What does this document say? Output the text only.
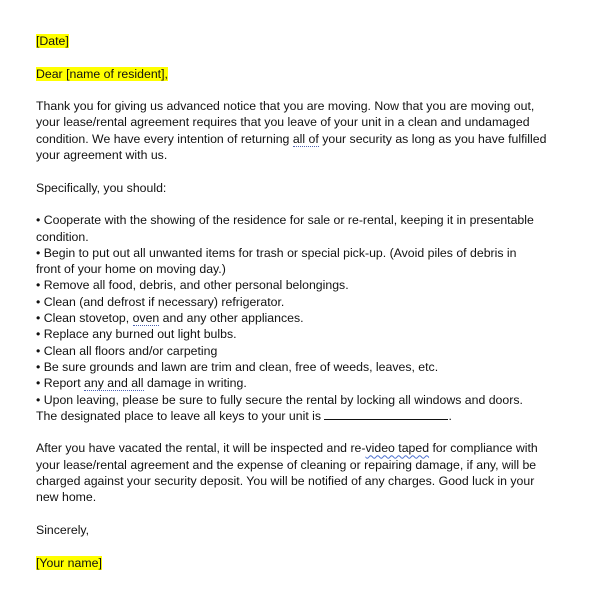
[Date]
Dear [name of resident],
Thank you for giving us advanced notice that you are moving. Now that you are moving out,
your lease/rental agreement requires that you leave of your unit in a clean and undamaged
condition. We have every intention of returning all of your security as long as you have fulfilled
your agreement with us.
Specifically, you should:
• Cooperate with the showing of the residence for sale or re-rental, keeping it in presentable
condition.
• Begin to put out all unwanted items for trash or special pick-up. (Avoid piles of debris in
front of your home on moving day.)
• Remove all food, debris, and other personal belongings.
• Clean (and defrost if necessary) refrigerator.
• Clean stovetop, oven and any other appliances.
• Replace any burned out light bulbs.
• Clean all floors and/or carpeting
• Be sure grounds and lawn are trim and clean, free of weeds, leaves, etc.
• Report any and all damage in writing.
• Upon leaving, please be sure to fully secure the rental by locking all windows and doors.
The designated place to leave all keys to your unit is	.
After you have vacated the rental, it will be inspected and re-video taped for compliance with
your lease/rental agreement and the expense of cleaning or repairing damage, if any, will be
charged against your security deposit. You will be notified of any charges. Good luck in your
new home.
Sincerely,
[Your name]
